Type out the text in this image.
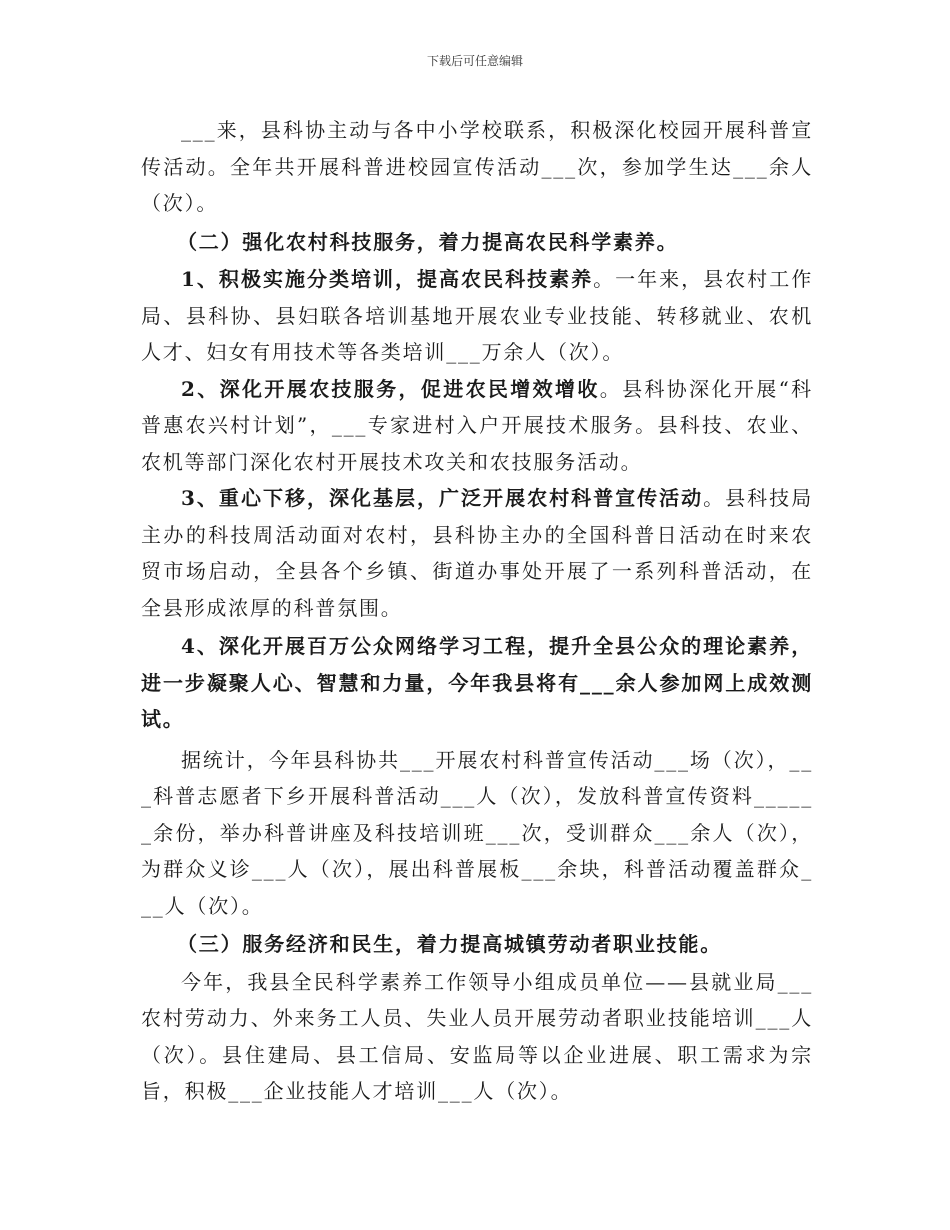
下载后可任意编辑

___来，县科协主动与各中小学校联系，积极深化校园开展科普宣传活动。全年共开展科普进校园宣传活动___次，参加学生达___余人（次）。

（二）强化农村科技服务，着力提高农民科学素养。

1、积极实施分类培训，提高农民科技素养。一年来，县农村工作局、县科协、县妇联各培训基地开展农业专业技能、转移就业、农机人才、妇女有用技术等各类培训___万余人（次）。

2、深化开展农技服务，促进农民增效增收。县科协深化开展“科普惠农兴村计划”，___专家进村入户开展技术服务。县科技、农业、农机等部门深化农村开展技术攻关和农技服务活动。

3、重心下移，深化基层，广泛开展农村科普宣传活动。县科技局主办的科技周活动面对农村，县科协主办的全国科普日活动在时来农贸市场启动，全县各个乡镇、街道办事处开展了一系列科普活动，在全县形成浓厚的科普氛围。

4、深化开展百万公众网络学习工程，提升全县公众的理论素养，进一步凝聚人心、智慧和力量，今年我县将有___余人参加网上成效测试。

据统计，今年县科协共___开展农村科普宣传活动___场（次），___科普志愿者下乡开展科普活动___人（次），发放科普宣传资料______余份，举办科普讲座及科技培训班___次，受训群众___余人（次），为群众义诊___人（次），展出科普展板___余块，科普活动覆盖群众___人（次）。

（三）服务经济和民生，着力提高城镇劳动者职业技能。

今年，我县全民科学素养工作领导小组成员单位——县就业局___农村劳动力、外来务工人员、失业人员开展劳动者职业技能培训___人（次）。县住建局、县工信局、安监局等以企业进展、职工需求为宗旨，积极___企业技能人才培训___人（次）。
